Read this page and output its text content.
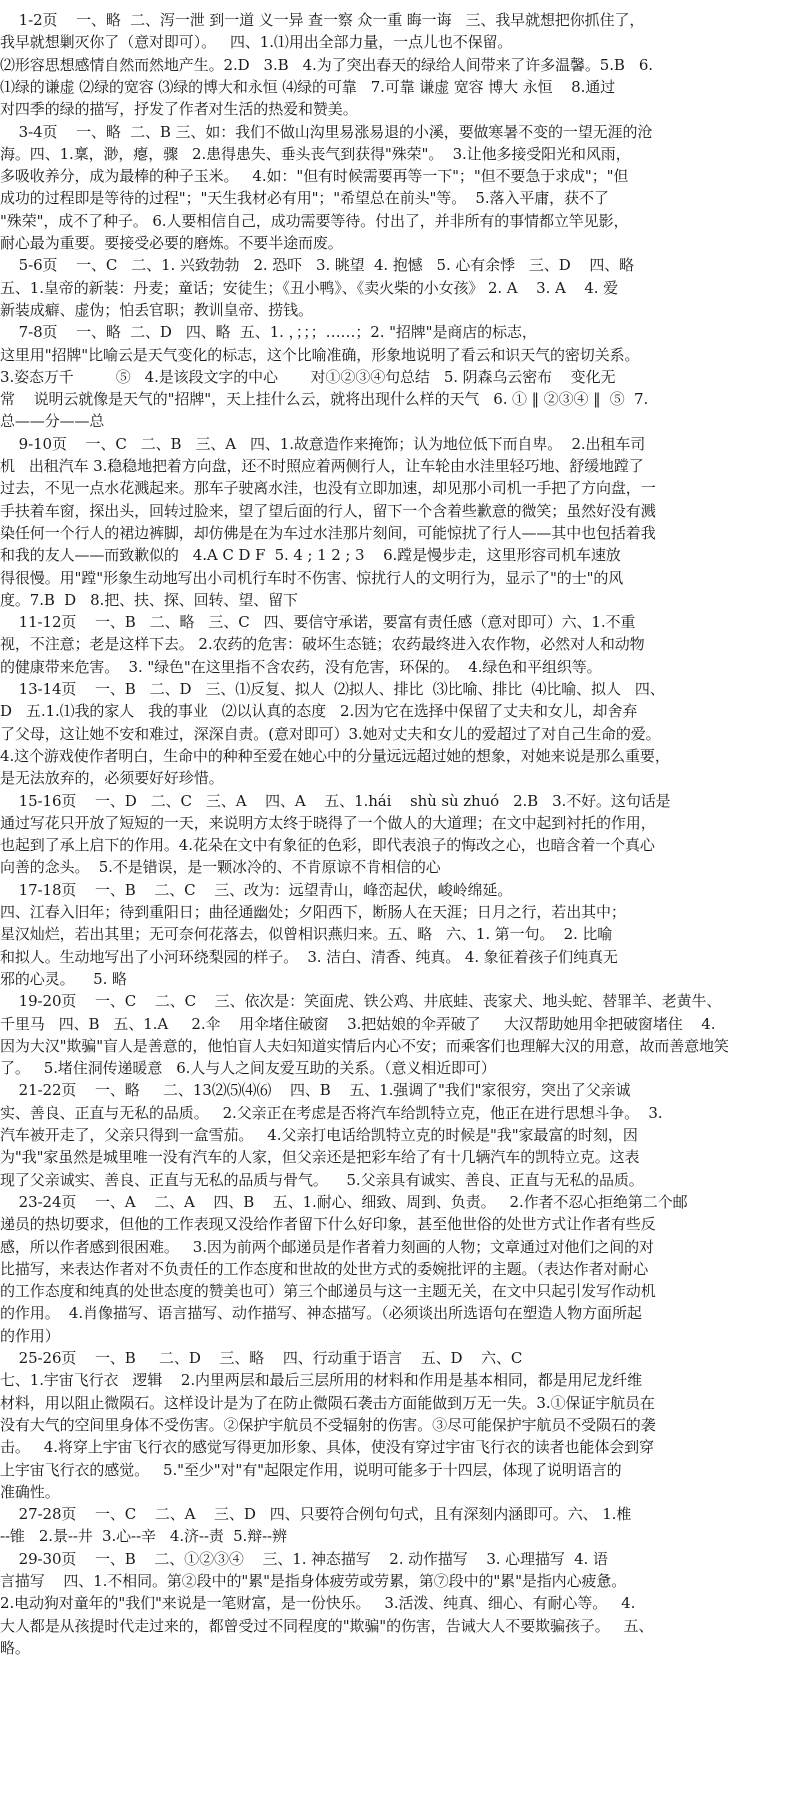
1-2页    一、略  二、泻一泄 到一道 义一异 查一察 众一重 晦一诲   三、我早就想把你抓住了，
我早就想剿灭你了（意对即可）。   四、1.⑴用出全部力量，一点儿也不保留。
⑵形容思想感情自然而然地产生。2.D   3.B   4.为了突出春天的绿给人间带来了许多温馨。5.B   6.
⑴绿的谦虚 ⑵绿的宽容 ⑶绿的博大和永恒 ⑷绿的可靠   7.可靠 谦虚 宽容 博大 永恒    8.通过
对四季的绿的描写，抒发了作者对生活的热爱和赞美。
3-4页    一、略  二、B 三、如：我们不做山沟里易涨易退的小溪，要做寒暑不变的一望无涯的沧
海。四、1.稟，渺，瘪，骤   2.患得患失、垂头丧气到获得"殊荣"。  3.让他多接受阳光和风雨，
多吸收养分，成为最棒的种子玉米。   4.如："但有时候需要再等一下"；"但不要急于求成"；"但
成功的过程即是等待的过程"；"天生我材必有用"；"希望总在前头"等。  5.落入平庸，获不了
"殊荣"，成不了种子。 6.人要相信自己，成功需要等待。付出了，并非所有的事情都立竿见影，
耐心最为重要。要接受必要的磨炼。不要半途而废。
5-6页    一、C   二、1. 兴致勃勃   2. 恐吓   3. 眺望  4. 抱憾   5. 心有余悸   三、D    四、略
五、1.皇帝的新装：丹麦；童话；安徒生；《丑小鸭》、《卖火柴的小女孩》 2. A    3. A    4. 爱
新装成癖、虚伪；怕丢官职；教训皇帝、捞钱。
7-8页    一、略  二、D   四、略  五、1. ，；；；……；2. "招牌"是商店的标志，
这里用"招牌"比喻云是天气变化的标志，这个比喻准确，形象地说明了看云和识天气的密切关系。
3.姿态万千         ⑤   4.是该段文字的中心       对①②③④句总结   5. 阴森乌云密布    变化无
常    说明云就像是天气的"招牌"，天上挂什么云，就将出现什么样的天气   6. ① ‖ ②③④ ‖  ⑤  7.
总——分——总
9-10页    一、C   二、B   三、A   四、1.故意造作来掩饰；认为地位低下而自卑。  2.出租车司
机   出租汽车 3.稳稳地把着方向盘，还不时照应着两侧行人，让车轮由水洼里轻巧地、舒缓地蹚了
过去，不见一点水花溅起来。那车子驶离水洼，也没有立即加速，却见那小司机一手把了方向盘，一
手扶着车窗，探出头，回转过脸来，望了望后面的行人，留下一个含着些歉意的微笑；虽然好没有溅
染任何一个行人的裙边裤脚，却仿佛是在为车过水洼那片刻间，可能惊扰了行人——其中也包括着我
和我的友人——而致歉似的   4.A C D F  5. 4 ; 1 2 ; 3    6.蹚是慢步走，这里形容司机车速放
得很慢。用"蹚"形象生动地写出小司机行车时不伤害、惊扰行人的文明行为，显示了"的士"的风
度。7.B  D   8.把、扶、探、回转、望、留下
11-12页    一、B   二、略   三、C   四、要信守承诺，要富有责任感（意对即可）六、1.不重
视，不注意；老是这样下去。 2.农药的危害：破坏生态链；农药最终进入农作物，必然对人和动物
的健康带来危害。  3. "绿色"在这里指不含农药，没有危害，环保的。  4.绿色和平组织等。
13-14页    一、B   二、D   三、⑴反复、拟人  ⑵拟人、排比  ⑶比喻、排比  ⑷比喻、拟人   四、
D   五.1.⑴我的家人   我的事业   ⑵以认真的态度   2.因为它在选择中保留了丈夫和女儿，却舍弃
了父母，这让她不安和难过，深深自责。(意对即可）3.她对丈夫和女儿的爱超过了对自己生命的爱。
4.这个游戏使作者明白，生命中的种种至爱在她心中的分量远远超过她的想象，对她来说是那么重要，
是无法放弃的，必须要好好珍惜。
15-16页    一、D   二、C   三、A    四、A    五、1.hái    shù sù zhuó   2.B   3.不好。这句话是
通过写花只开放了短短的一天，来说明方太终于晓得了一个做人的大道理；在文中起到衬托的作用，
也起到了承上启下的作用。4.花朵在文中有象征的色彩，即代表浪子的悔改之心，也暗含着一个真心
向善的念头。  5.不是错误，是一颗冰冷的、不肯原谅不肯相信的心
17-18页    一、B    二、C    三、改为：远望青山，峰峦起伏，峻岭绵延。
四、江春入旧年；待到重阳日；曲径通幽处；夕阳西下，断肠人在天涯；日月之行，若出其中；
星汉灿烂，若出其里；无可奈何花落去，似曾相识燕归来。五、略   六、1. 第一句。  2. 比喻
和拟人。生动地写出了小河环绕梨园的样子。  3. 洁白、清香、纯真。 4. 象征着孩子们纯真无
邪的心灵。    5. 略
19-20页    一、C    二、C    三、依次是：笑面虎、铁公鸡、井底蛙、丧家犬、地头蛇、替罪羊、老黄牛、
千里马   四、B   五、1.A     2.伞    用伞堵住破窗    3.把姑娘的伞弄破了     大汉帮助她用伞把破窗堵住    4.
因为大汉"欺骗"盲人是善意的，他怕盲人夫妇知道实情后内心不安；而乘客们也理解大汉的用意，故而善意地笑
了。   5.堵住洞传递暖意   6.人与人之间友爱互助的关系。（意义相近即可）
21-22页    一、略     二、13⑵⑸⑷⑹    四、B    五、1.强调了"我们"家很穷，突出了父亲诚
实、善良、正直与无私的品质。   2.父亲正在考虑是否将汽车给凯特立克，他正在进行思想斗争。  3.
汽车被开走了，父亲只得到一盒雪茄。   4.父亲打电话给凯特立克的时候是"我"家最富的时刻，因
为"我"家虽然是城里唯一没有汽车的人家，但父亲还是把彩车给了有十几辆汽车的凯特立克。这表
现了父亲诚实、善良、正直与无私的品质与骨气。    5.父亲具有诚实、善良、正直与无私的品质。
23-24页    一、A    二、A    四、B    五、1.耐心、细致、周到、负责。   2.作者不忍心拒绝第二个邮
递员的热切要求，但他的工作表现又没给作者留下什么好印象，甚至他世俗的处世方式让作者有些反
感，所以作者感到很困难。   3.因为前两个邮递员是作者着力刻画的人物；文章通过对他们之间的对
比描写，来表达作者对不负责任的工作态度和世故的处世方式的委婉批评的主题。（表达作者对耐心
的工作态度和纯真的处世态度的赞美也可）第三个邮递员与这一主题无关，在文中只起引发写作动机
的作用。  4.肖像描写、语言描写、动作描写、神态描写。（必须谈出所选语句在塑造人物方面所起
的作用）
25-26页    一、B     二、D    三、略    四、行动重于语言    五、D    六、C
七、1.宇宙飞行衣   逻辑    2.内里两层和最后三层所用的材料和作用是基本相同，都是用尼龙纤维
材料，用以阻止微陨石。这样设计是为了在防止微陨石袭击方面能做到万无一失。3.①保证宇航员在
没有大气的空间里身体不受伤害。②保护宇航员不受辐射的伤害。③尽可能保护宇航员不受陨石的袭
击。   4.将穿上宇宙飞行衣的感觉写得更加形象、具体，使没有穿过宇宙飞行衣的读者也能体会到穿
上宇宙飞行衣的感觉。   5."至少"对"有"起限定作用，说明可能多于十四层，体现了说明语言的
准确性。
27-28页    一、C    二、A    三、D   四、只要符合例句句式，且有深刻内涵即可。六、 1.椎
--锥   2.景--井  3.心--辛   4.济--责  5.辩--辨
29-30页    一、B    二、①②③④    三、1. 神态描写    2. 动作描写    3. 心理描写  4. 语
言描写    四、1.不相同。第②段中的"累"是指身体疲劳或劳累，第⑦段中的"累"是指内心疲惫。
2.电动狗对童年的"我们"来说是一笔财富，是一份快乐。   3.活泼、纯真、细心、有耐心等。   4.
大人都是从孩提时代走过来的，都曾受过不同程度的"欺骗"的伤害，告诫大人不要欺骗孩子。   五、
略。
